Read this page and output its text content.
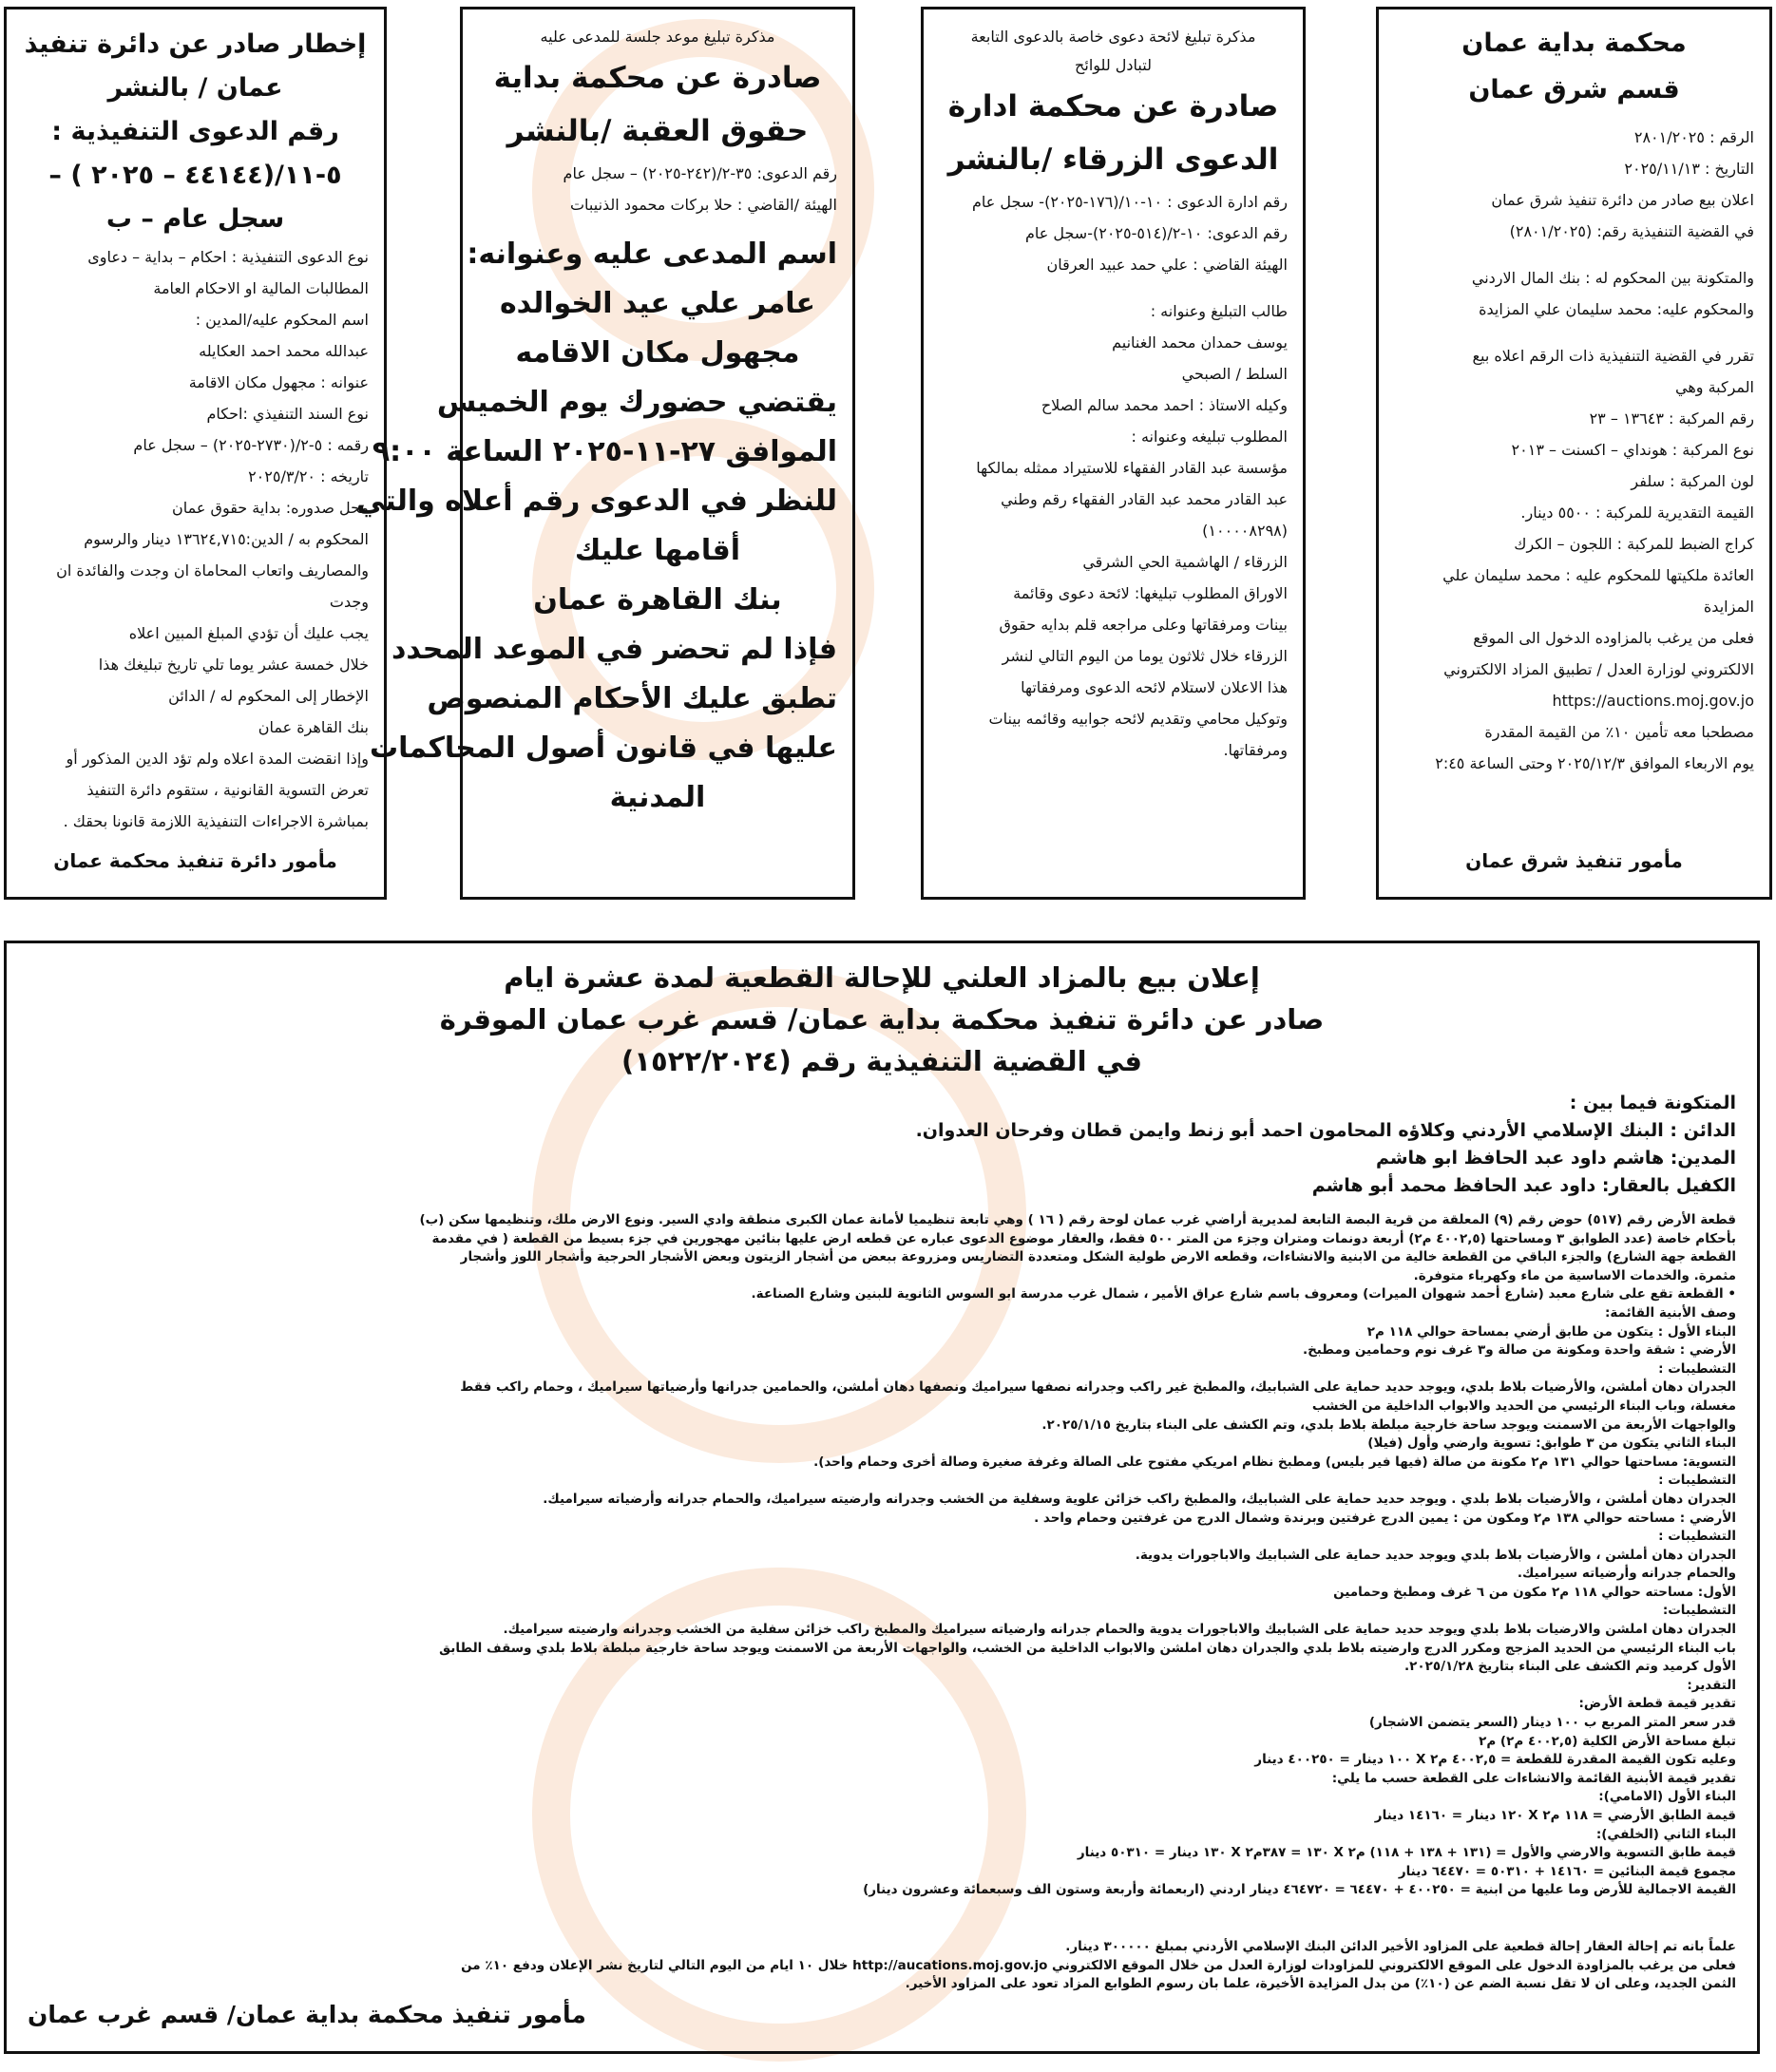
محكمة بداية عمان
قسم شرق عمان
الرقم : ٢٨٠١/٢٠٢٥
التاريخ : ٢٠٢٥/١١/١٣
اعلان بيع صادر من دائرة تنفيذ شرق عمان
في القضية التنفيذية رقم: (٢٨٠١/٢٠٢٥)
والمتكونة بين المحكوم له : بنك المال الاردني
والمحكوم عليه: محمد سليمان علي المزايدة
تقرر في القضية التنفيذية ذات الرقم اعلاه بيع
المركبة وهي
رقم المركبة : ١٣٦٤٣ – ٢٣
نوع المركبة : هونداي – اكسنت – ٢٠١٣
لون المركبة : سلفر
القيمة التقديرية للمركبة : ٥٥٠٠ دينار.
كراج الضبط للمركبة : اللجون – الكرك
العائدة ملكيتها للمحكوم عليه : محمد سليمان علي
المزايدة
فعلى من يرغب بالمزاوده الدخول الى الموقع
الالكتروني لوزارة العدل / تطبيق المزاد الالكتروني
https://auctions.moj.gov.jo
مصطحبا معه تأمين ١٠٪ من القيمة المقدرة
يوم الاربعاء الموافق ٢٠٢٥/١٢/٣ وحتى الساعة ٢:٤٥
مأمور تنفيذ شرق عمان
مذكرة تبليغ لائحة دعوى خاصة بالدعوى التابعة
لتبادل للوائح
صادرة عن محكمة ادارة
الدعوى الزرقاء /بالنشر
رقم ادارة الدعوى : ١٠-١٠/(١٧٦-٢٠٢٥)- سجل عام
رقم الدعوى: ١٠-٢/(٥١٤-٢٠٢٥)-سجل عام
الهيئة القاضي : علي حمد عبيد العرقان
طالب التبليغ وعنوانه :
يوسف حمدان محمد الغنانيم
السلط / الصبحي
وكيله الاستاذ : احمد محمد سالم الصلاح
المطلوب تبليغه وعنوانه :
مؤسسة عبد القادر الفقهاء للاستيراد ممثله بمالكها
عبد القادر محمد عبد القادر الفقهاء رقم وطني
(١٠٠٠٠٨٢٩٨)
الزرقاء / الهاشمية الحي الشرقي
الاوراق المطلوب تبليغها: لائحة دعوى وقائمة
بينات ومرفقاتها وعلى مراجعه قلم بدايه حقوق
الزرقاء خلال ثلاثون يوما من اليوم التالي لنشر
هذا الاعلان لاستلام لائحه الدعوى ومرفقاتها
وتوكيل محامي وتقديم لائحه جوابيه وقائمه بينات
ومرفقاتها.
مذكرة تبليغ موعد جلسة للمدعى عليه
صادرة عن محكمة بداية
حقوق العقبة /بالنشر
رقم الدعوى: ٣٥-٢/(٢٤٢-٢٠٢٥) – سجل عام
الهيئة /القاضي : حلا بركات محمود الذنيبات
اسم المدعى عليه وعنوانه:
عامر علي عيد الخوالده
مجهول مكان الاقامه
يقتضي حضورك يوم الخميس
الموافق ٢٧-١١-٢٠٢٥ الساعة ٩:٠٠
للنظر في الدعوى رقم أعلاه والتي
أقامها عليك
بنك القاهرة عمان
فإذا لم تحضر في الموعد المحدد
تطبق عليك الأحكام المنصوص
عليها في قانون أصول المحاكمات
المدنية
إخطار صادر عن دائرة تنفيذ
عمان / بالنشر
رقم الدعوى التنفيذية :
٥-١١/(٤٤١٤٤ – ٢٠٢٥ ) –
سجل عام – ب
نوع الدعوى التنفيذية : احكام – بداية – دعاوى
المطالبات المالية او الاحكام العامة
اسم المحكوم عليه/المدين :
عبدالله محمد احمد العكايله
عنوانه : مجهول مكان الاقامة
نوع السند التنفيذي :احكام
رقمه : ٥-٢/(٢٧٣٠-٢٠٢٥) – سجل عام
تاريخه : ٢٠٢٥/٣/٢٠
محل صدوره: بداية حقوق عمان
المحكوم به / الدين:١٣٦٢٤,٧١٥ دينار والرسوم
والمصاريف واتعاب المحاماة ان وجدت والفائدة ان
وجدت
يجب عليك أن تؤدي المبلغ المبين اعلاه
خلال خمسة عشر يوما تلي تاريخ تبليغك هذا
الإخطار إلى المحكوم له / الدائن
بنك القاهرة عمان
وإذا انقضت المدة اعلاه ولم تؤد الدين المذكور أو
تعرض التسوية القانونية ، ستقوم دائرة التنفيذ
بمباشرة الاجراءات التنفيذية اللازمة قانونا بحقك .
مأمور دائرة تنفيذ محكمة عمان
إعلان بيع بالمزاد العلني للإحالة القطعية لمدة عشرة ايام
صادر عن دائرة تنفيذ محكمة بداية عمان/ قسم غرب عمان الموقرة
في القضية التنفيذية رقم (١٥٢٢/٢٠٢٤)
المتكونة فيما بين :
الدائن : البنك الإسلامي الأردني وكلاؤه المحامون احمد أبو زنط وايمن قطان وفرحان العدوان.
المدين: هاشم داود عبد الحافظ ابو هاشم
الكفيل بالعقار: داود عبد الحافظ محمد أبو هاشم
قطعة الأرض رقم (٥١٧) حوض رقم (٩) المعلقة من قرية البصة التابعة لمديرية أراضي غرب عمان لوحة رقم ( ١٦ ) وهي تابعة تنظيميا لأمانة عمان الكبرى منطقة وادي السير. ونوع الارض ملك، وتنظيمها سكن (ب)
بأحكام خاصة (عدد الطوابق ٣ ومساحتها (٤٠٠٢,٥ م٢) أربعة دونمات ومتران وجزء من المتر ٥٠٠ فقط، والعقار موضوع الدعوى عباره عن قطعه ارض عليها بنائين مهجورين في جزء بسيط من القطعة ( في مقدمة
القطعة جهة الشارع) والجزء الباقي من القطعة خالية من الابنية والانشاءات، وقطعه الارض طولية الشكل ومتعددة التضاريس ومزروعة ببعض من أشجار الزيتون وبعض الأشجار الحرجية وأشجار اللوز وأشجار
مثمرة. والخدمات الاساسية من ماء وكهرباء متوفرة.
• القطعة تقع على شارع معبد (شارع أحمد شهوان الميرات) ومعروف باسم شارع عراق الأمير ، شمال غرب مدرسة ابو السوس الثانوية للبنين وشارع الصناعة.
وصف الأبنية القائمة:
البناء الأول : يتكون من طابق أرضي بمساحة حوالي ١١٨ م٢
الأرضي : شقة واحدة ومكونة من صالة و٣ غرف نوم وحمامين ومطبخ.
التشطيبات :
الجدران دهان أملشن، والأرضيات بلاط بلدي، ويوجد حديد حماية على الشبابيك، والمطبخ غير راكب وجدرانه نصفها سيراميك ونصفها دهان أملشن، والحمامين جدرانها وأرضياتها سيراميك ، وحمام راكب فقط
مغسلة، وباب البناء الرئيسي من الحديد والابواب الداخلية من الخشب
والواجهات الأربعة من الاسمنت ويوجد ساحة خارجية مبلطة بلاط بلدي، وتم الكشف على البناء بتاريخ ٢٠٢٥/١/١٥.
البناء الثاني يتكون من ٣ طوابق: تسوية وارضي وأول (فيلا)
التسوية: مساحتها حوالي ١٣١ م٢ مكونة من صالة (فيها فير بليس) ومطبخ نظام امريكي مفتوح على الصالة وغرفة صغيرة وصالة أخرى وحمام واحد).
التشطيبات :
الجدران دهان أملشن ، والأرضيات بلاط بلدي . ويوجد حديد حماية على الشبابيك، والمطبخ راكب خزائن علوية وسفلية من الخشب وجدرانه وارضيته سيراميك، والحمام جدرانه وأرضياته سيراميك.
الأرضي : مساحته حوالي ١٣٨ م٢ ومكون من : يمين الدرج غرفتين وبرندة وشمال الدرج من غرفتين وحمام واحد .
التشطيبات :
الجدران دهان أملشن ، والأرضيات بلاط بلدي ويوجد حديد حماية على الشبابيك والاباجورات يدوية.
والحمام جدرانه وأرضياته سيراميك.
الأول: مساحته حوالي ١١٨ م٢ مكون من ٦ غرف ومطبخ وحمامين
التشطيبات:
الجدران دهان املشن والارضيات بلاط بلدي ويوجد حديد حماية على الشبابيك والاباجورات يدوية والحمام جدرانه وارضياته سيراميك والمطبخ راكب خزائن سفلية من الخشب وجدرانه وارضيته سيراميك.
باب البناء الرئيسي من الحديد المزجج ومكرر الدرج وارضيته بلاط بلدي والجدران دهان املشن والابواب الداخلية من الخشب، والواجهات الأربعة من الاسمنت ويوجد ساحة خارجية مبلطة بلاط بلدي وسقف الطابق
الأول كرميد وتم الكشف على البناء بتاريخ ٢٠٢٥/١/٢٨.
التقدير:
تقدير قيمة قطعة الأرض:
قدر سعر المتر المربع ب ١٠٠ دينار (السعر يتضمن الاشجار)
تبلغ مساحة الأرض الكلية (٤٠٠٢,٥ م٢) م٢
وعليه تكون القيمة المقدرة للقطعة = ٤٠٠٢,٥ م٢ X ١٠٠ دينار = ٤٠٠٢٥٠ دينار
تقدير قيمة الأبنية القائمة والانشاءات على القطعة حسب ما يلي:
البناء الأول (الامامي):
قيمة الطابق الأرضي = ١١٨ م٢ X ١٢٠ دينار = ١٤١٦٠ دينار
البناء الثاني (الخلفي):
قيمة طابق التسوية والارضي والأول = (١٣١ + ١٣٨ + ١١٨) م٢ X ١٣٠ = ٣٨٧م٢ X ١٣٠ دينار = ٥٠٣١٠ دينار
مجموع قيمة البنائين = ١٤١٦٠ + ٥٠٣١٠ = ٦٤٤٧٠ دينار
القيمة الاجمالية للأرض وما عليها من ابنية = ٤٠٠٢٥٠ + ٦٤٤٧٠ = ٤٦٤٧٢٠ دينار اردني (اربعمائة وأربعة وستون الف وسبعمائة وعشرون دينار)
علماً بانه تم إحالة العقار إحالة قطعية على المزاود الأخير الدائن البنك الإسلامي الأردني بمبلغ ٣٠٠٠٠٠ دينار.
فعلى من يرغب بالمزاودة الدخول على الموقع الالكتروني للمزاودات لوزارة العدل من خلال الموقع الالكتروني http://aucations.moj.gov.jo خلال ١٠ ايام من اليوم التالي لتاريخ نشر الإعلان ودفع ١٠٪ من
الثمن الجديد، وعلى ان لا تقل نسبة الضم عن (١٠٪) من بدل المزايدة الأخيرة، علما بان رسوم الطوابع المزاد تعود على المزاود الأخير.
مأمور تنفيذ محكمة بداية عمان/ قسم غرب عمان
